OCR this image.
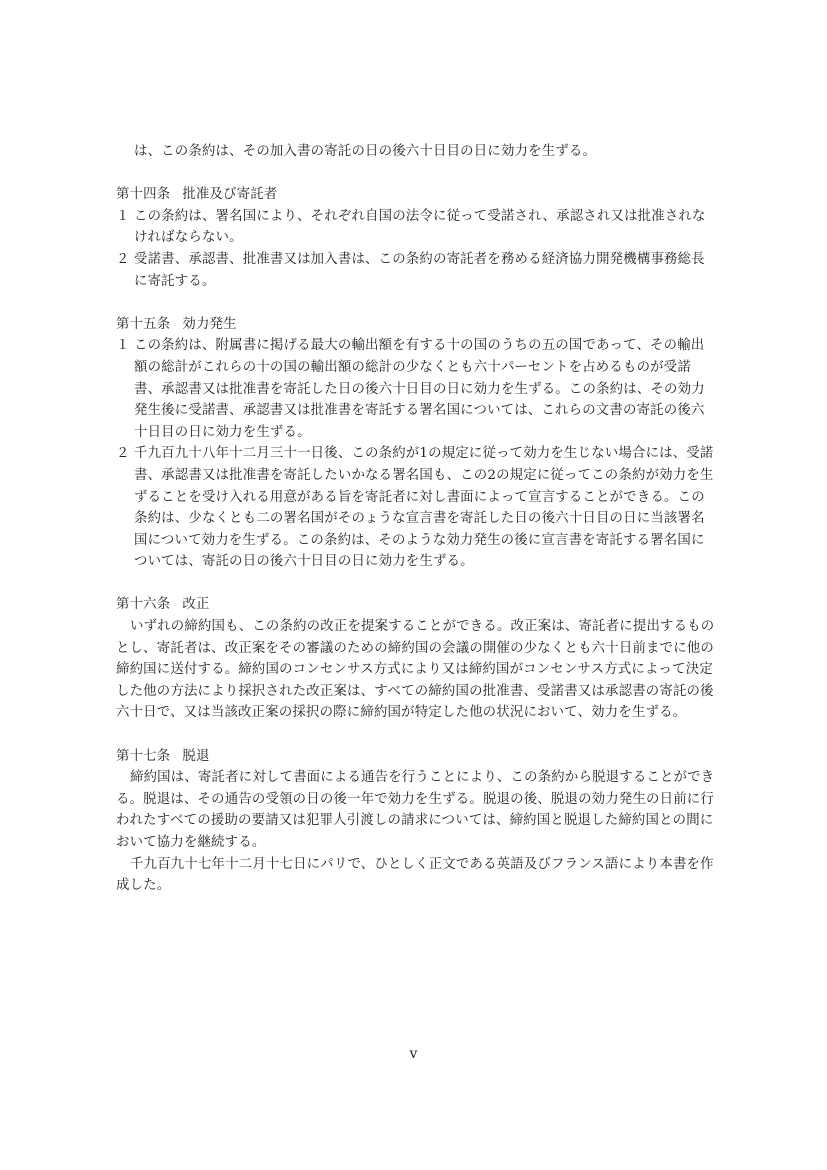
は、この条約は、その加入書の寄託の日の後六十日目の日に効力を生ずる。

第十四条 批准及び寄託者

１ この条約は、署名国により、それぞれ自国の法令に従って受諾され、承認され又は批准されなければならない。

２ 受諾書、承認書、批准書又は加入書は、この条約の寄託者を務める経済協力開発機構事務総長に寄託する。

第十五条 効力発生

１ この条約は、附属書に掲げる最大の輸出額を有する十の国のうちの五の国であって、その輸出額の総計がこれらの十の国の輸出額の総計の少なくとも六十パーセントを占めるものが受諾書、承認書又は批准書を寄託した日の後六十日目の日に効力を生ずる。この条約は、その効力発生後に受諾書、承認書又は批准書を寄託する署名国については、これらの文書の寄託の後六十日目の日に効力を生ずる。

２ 千九百九十八年十二月三十一日後、この条約が1の規定に従って効力を生じない場合には、受諾書、承認書又は批准書を寄託したいかなる署名国も、この2の規定に従ってこの条約が効力を生ずることを受け入れる用意がある旨を寄託者に対し書面によって宣言することができる。この条約は、少なくとも二の署名国がそのょうな宣言書を寄託した日の後六十日目の日に当該署名国について効力を生ずる。この条約は、そのような効力発生の後に宣言書を寄託する署名国については、寄託の日の後六十日目の日に効力を生ずる。

第十六条 改正

いずれの締約国も、この条約の改正を提案することができる。改正案は、寄託者に提出するものとし、寄託者は、改正案をその審議のための締約国の会議の開催の少なくとも六十日前までに他の締約国に送付する。締約国のコンセンサス方式により又は締約国がコンセンサス方式によって決定した他の方法により採択された改正案は、すべての締約国の批准書、受諾書又は承認書の寄託の後六十日で、又は当該改正案の採択の際に締約国が特定した他の状況において、効力を生ずる。

第十七条 脱退

締約国は、寄託者に対して書面による通告を行うことにより、この条約から脱退することができる。脱退は、その通告の受領の日の後一年で効力を生ずる。脱退の後、脱退の効力発生の日前に行われたすべての援助の要請又は犯罪人引渡しの請求については、締約国と脱退した締約国との間において協力を継続する。

千九百九十七年十二月十七日にパリで、ひとしく正文である英語及びフランス語により本書を作成した。

v
